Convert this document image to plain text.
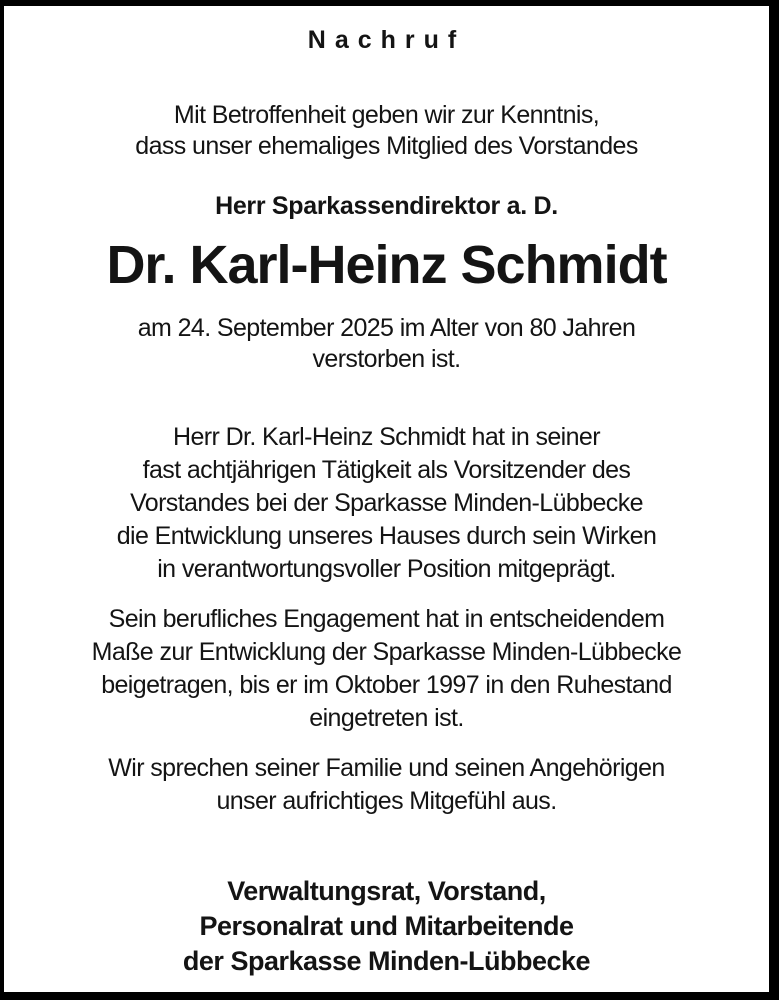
Nachruf
Mit Betroffenheit geben wir zur Kenntnis,
dass unser ehemaliges Mitglied des Vorstandes
Herr Sparkassendirektor a. D.
Dr. Karl-Heinz Schmidt
am 24. September 2025 im Alter von 80 Jahren
verstorben ist.
Herr Dr. Karl-Heinz Schmidt hat in seiner
fast achtjährigen Tätigkeit als Vorsitzender des
Vorstandes bei der Sparkasse Minden-Lübbecke
die Entwicklung unseres Hauses durch sein Wirken
in verantwortungsvoller Position mitgeprägt.
Sein berufliches Engagement hat in entscheidendem
Maße zur Entwicklung der Sparkasse Minden-Lübbecke
beigetragen, bis er im Oktober 1997 in den Ruhestand
eingetreten ist.
Wir sprechen seiner Familie und seinen Angehörigen
unser aufrichtiges Mitgefühl aus.
Verwaltungsrat, Vorstand,
Personalrat und Mitarbeitende
der Sparkasse Minden-Lübbecke
